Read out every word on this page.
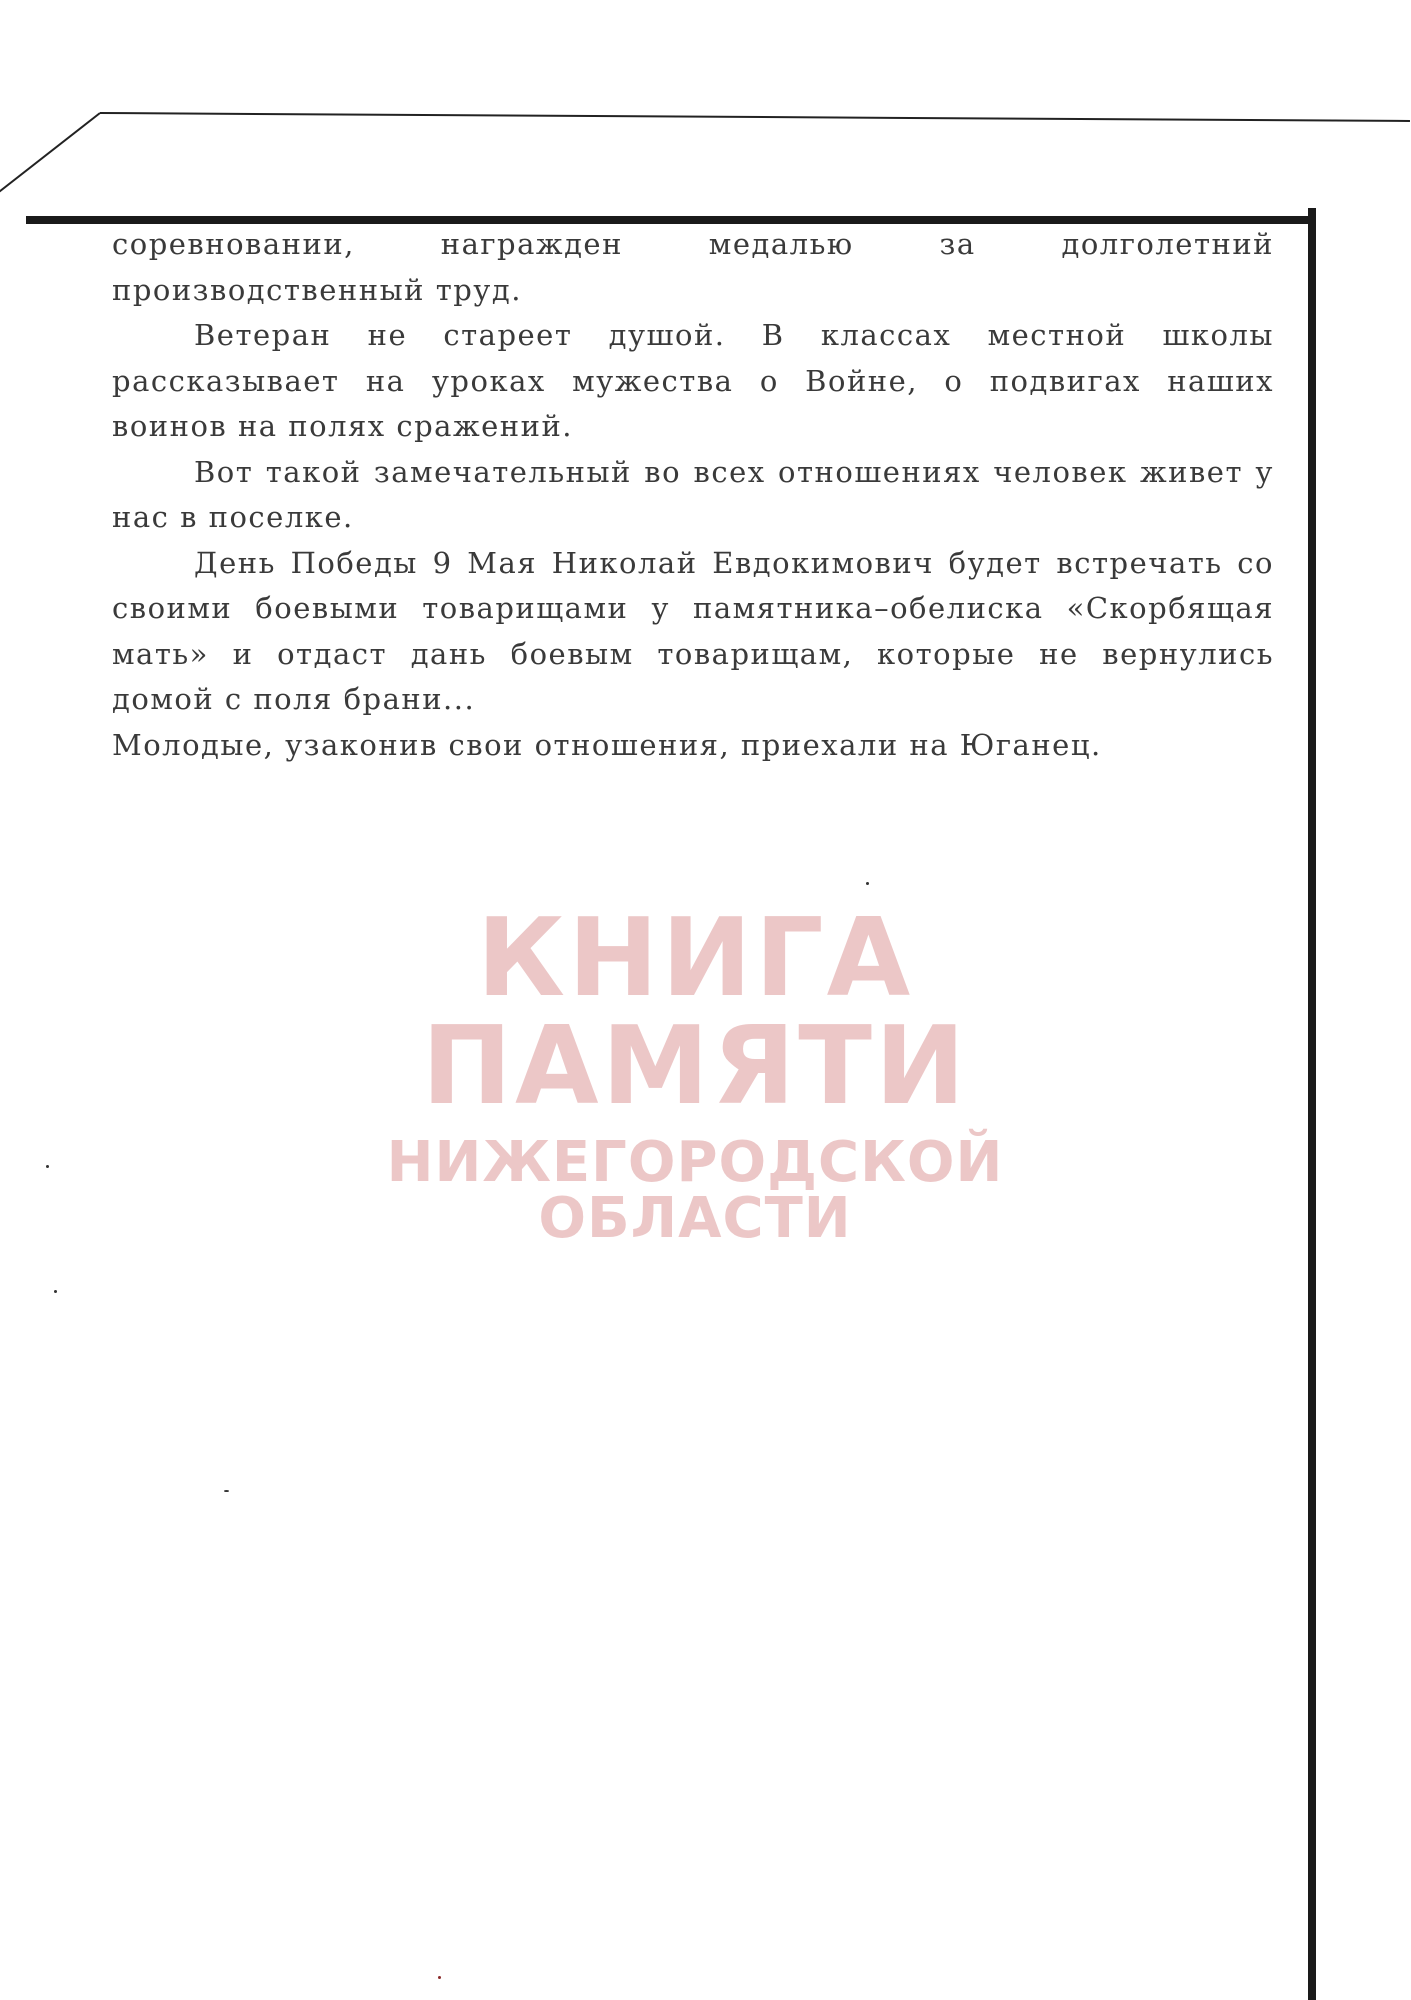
соревновании, награжден медалью за долголетний производственный труд.

Ветеран не стареет душой. В классах местной школы рассказывает на уроках мужества о Войне, о подвигах наших воинов на полях сражений.

Вот такой замечательный во всех отношениях человек живет у нас в поселке.

День Победы 9 Мая Николай Евдокимович будет встречать со своими боевыми товарищами у памятника–обелиска «Скорбящая мать» и отдаст дань боевым товарищам, которые не вернулись домой с поля брани...

Молодые, узаконив свои отношения, приехали на Юганец.

КНИГА ПАМЯТИ
НИЖЕГОРОДСКОЙ ОБЛАСТИ
